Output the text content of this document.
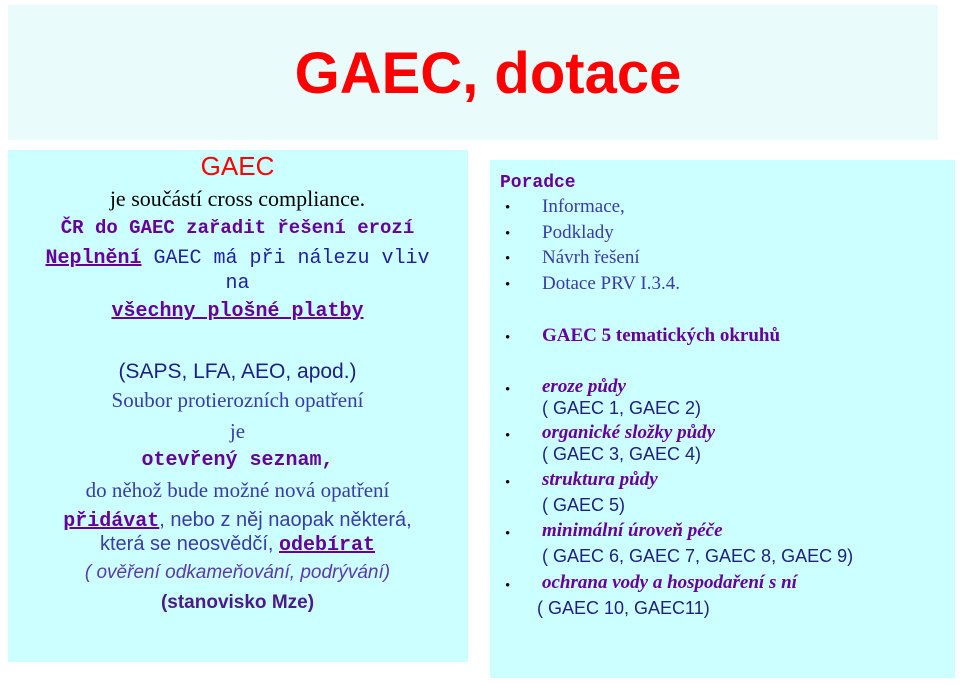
GAEC, dotace
GAEC
je součástí cross compliance.
ČR do GAEC zařadit řešení erozí
Neplnění GAEC má při nálezu vliv
na
všechny plošné platby
(SAPS, LFA, AEO, apod.)
Soubor protierozních opatření
je
otevřený seznam,
do něhož bude možné nová opatření
přidávat, nebo z něj naopak některá,
která se neosvědčí, odebírat
( ověření odkameňování, podrývání)
(stanovisko Mze)
Poradce
• Informace,
• Podklady
• Návrh řešení
• Dotace PRV I.3.4.
• GAEC 5 tematických okruhů
• eroze půdy
( GAEC 1, GAEC 2)
• organické složky půdy
( GAEC 3, GAEC 4)
• struktura půdy
( GAEC 5)
• minimální úroveň péče
( GAEC 6, GAEC 7, GAEC 8, GAEC 9)
• ochrana vody a hospodaření s ní
( GAEC 10, GAEC11)
